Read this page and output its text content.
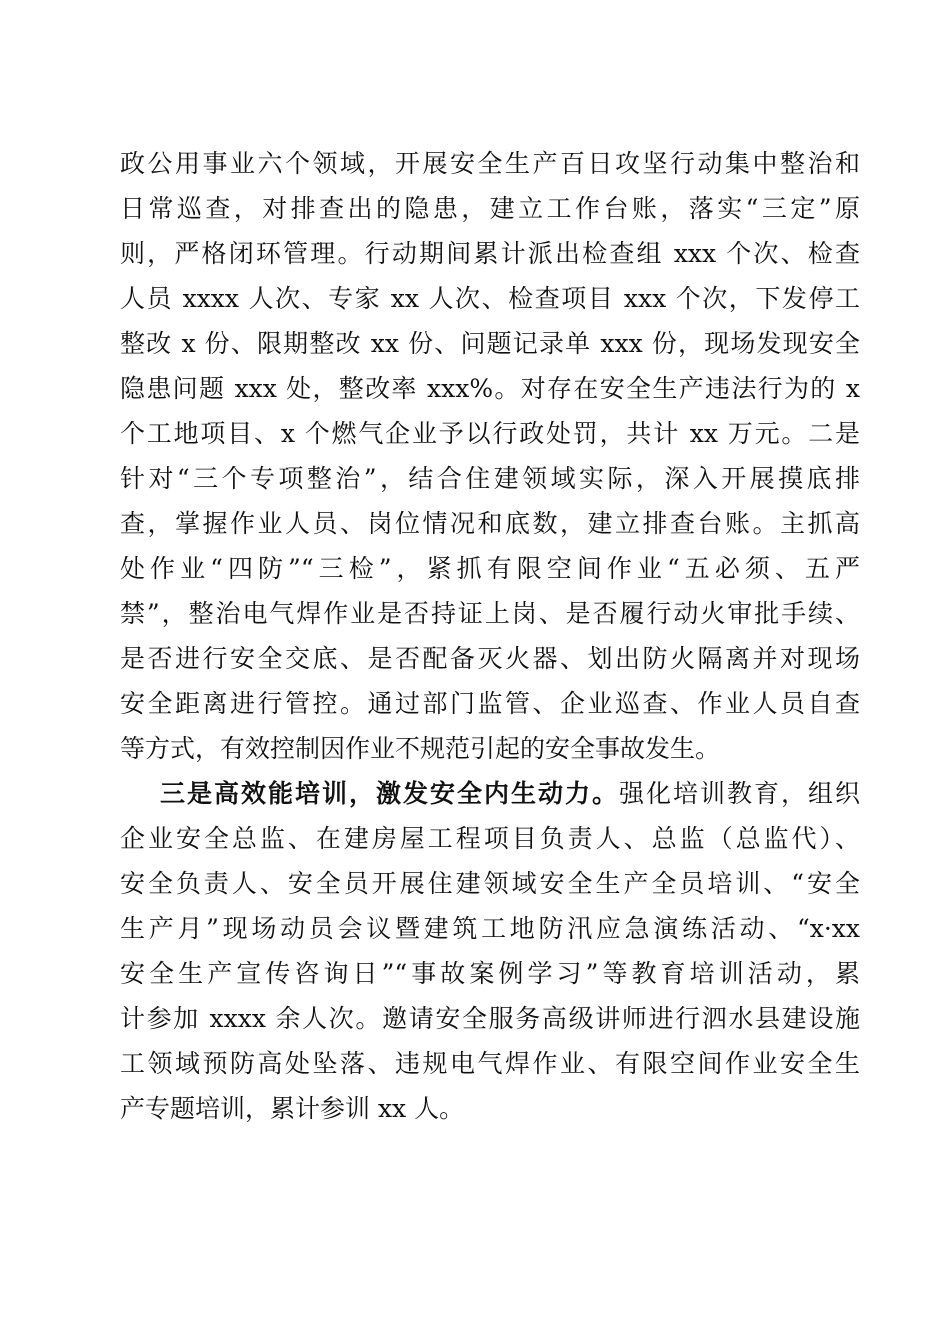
政公用事业六个领域，开展安全生产百日攻坚行动集中整治和
日常巡查，对排查出的隐患，建立工作台账，落实“三定”原
则，严格闭环管理。行动期间累计派出检查组 xxx 个次、检查
人员 xxxx 人次、专家 xx 人次、检查项目 xxx 个次，下发停工
整改 x 份、限期整改 xx 份、问题记录单 xxx 份，现场发现安全
隐患问题 xxx 处，整改率 xxx%。对存在安全生产违法行为的 x
个工地项目、x 个燃气企业予以行政处罚，共计 xx 万元。二是
针对“三个专项整治”，结合住建领域实际，深入开展摸底排
查，掌握作业人员、岗位情况和底数，建立排查台账。主抓高
处作业“四防”“三检”，紧抓有限空间作业“五必须、五严
禁”，整治电气焊作业是否持证上岗、是否履行动火审批手续、
是否进行安全交底、是否配备灭火器、划出防火隔离并对现场
安全距离进行管控。通过部门监管、企业巡查、作业人员自查
等方式，有效控制因作业不规范引起的安全事故发生。
三是高效能培训，激发安全内生动力。强化培训教育，组织
企业安全总监、在建房屋工程项目负责人、总监（总监代）、
安全负责人、安全员开展住建领域安全生产全员培训、“安全
生产月”现场动员会议暨建筑工地防汛应急演练活动、“x·xx
安全生产宣传咨询日”“事故案例学习”等教育培训活动，累
计参加 xxxx 余人次。邀请安全服务高级讲师进行泗水县建设施
工领域预防高处坠落、违规电气焊作业、有限空间作业安全生
产专题培训，累计参训 xx 人。
